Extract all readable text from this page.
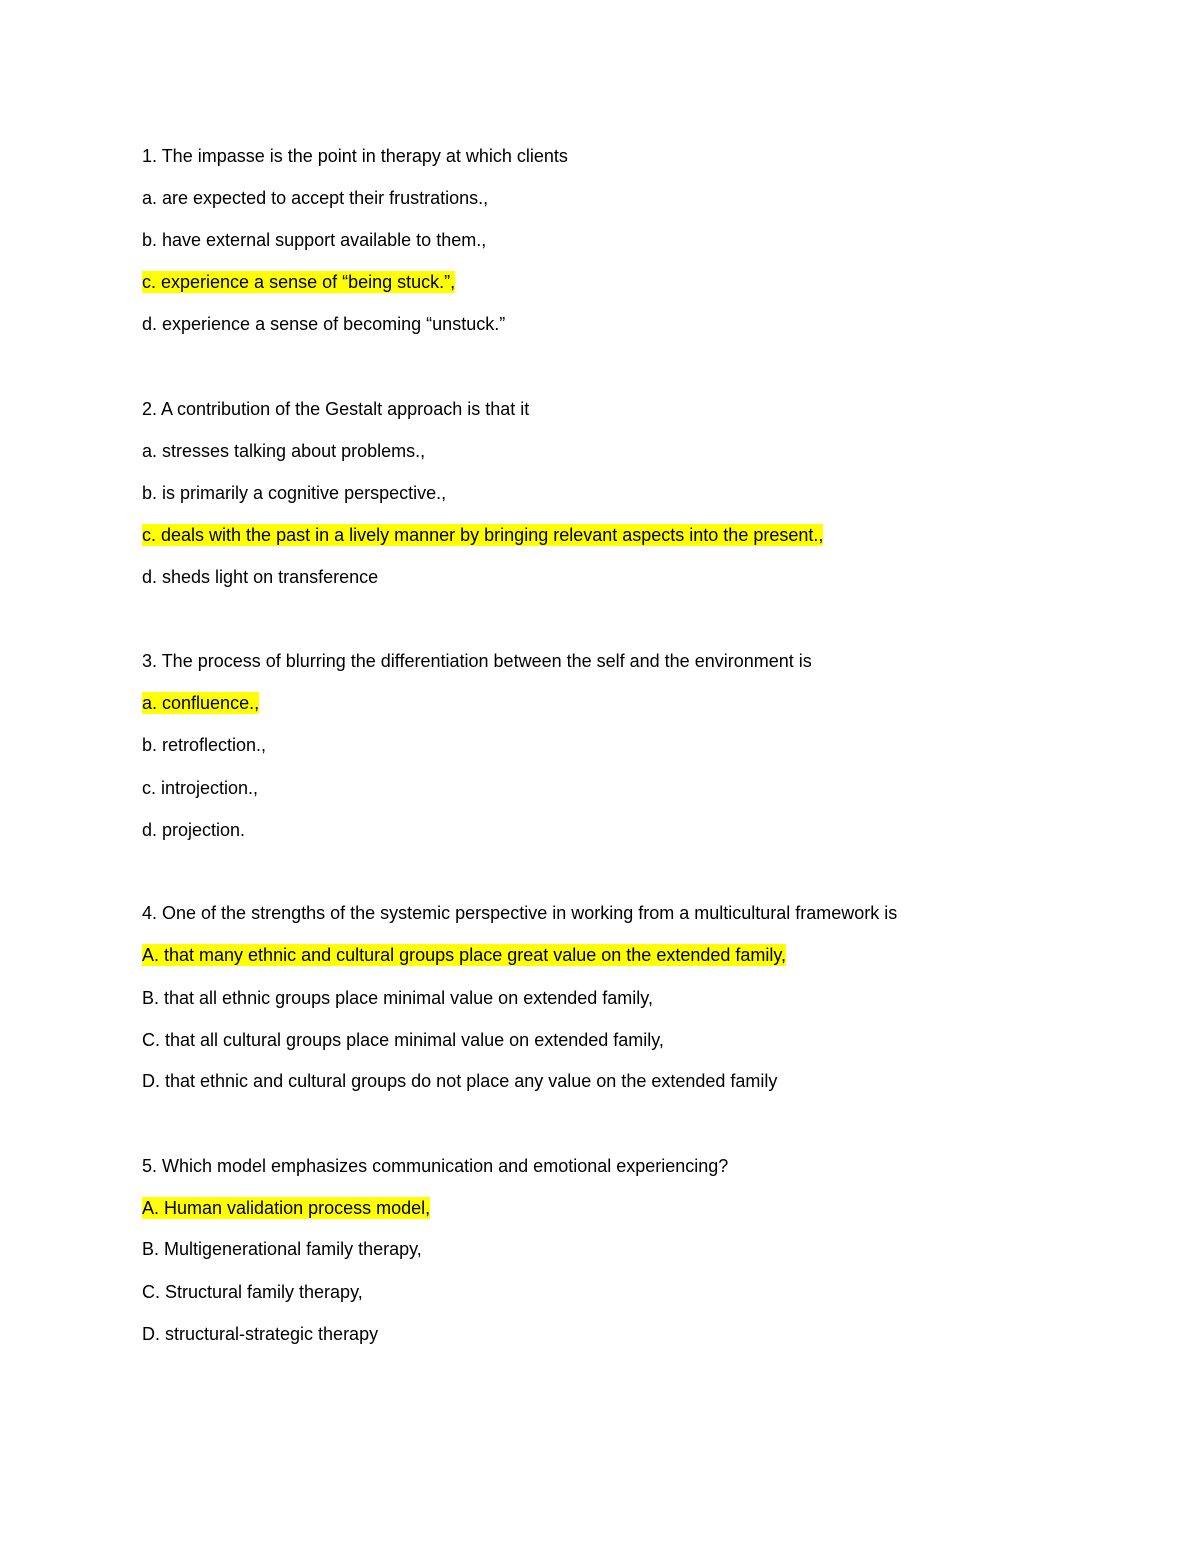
1. The impasse is the point in therapy at which clients
a. are expected to accept their frustrations.,
b. have external support available to them.,
c. experience a sense of “being stuck.”,
d. experience a sense of becoming “unstuck.”
2. A contribution of the Gestalt approach is that it
a. stresses talking about problems.,
b. is primarily a cognitive perspective.,
c. deals with the past in a lively manner by bringing relevant aspects into the present.,
d. sheds light on transference
3. The process of blurring the differentiation between the self and the environment is
a. confluence.,
b. retroflection.,
c. introjection.,
d. projection.
4. One of the strengths of the systemic perspective in working from a multicultural framework is
A. that many ethnic and cultural groups place great value on the extended family,
B. that all ethnic groups place minimal value on extended family,
C. that all cultural groups place minimal value on extended family,
D. that ethnic and cultural groups do not place any value on the extended family
5. Which model emphasizes communication and emotional experiencing?
A. Human validation process model,
B. Multigenerational family therapy,
C. Structural family therapy,
D. structural-strategic therapy
